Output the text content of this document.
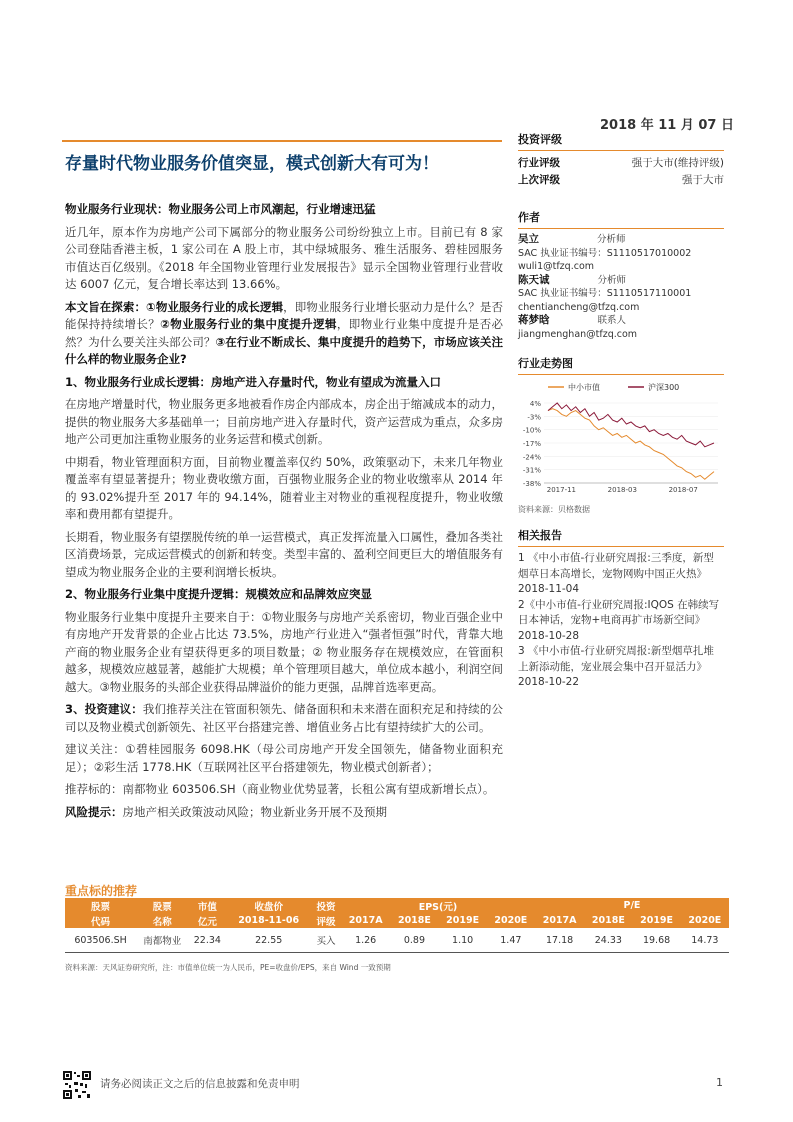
2018 年 11 月 07 日
存量时代物业服务价值突显，模式创新大有可为！

物业服务行业现状：物业服务公司上市风潮起，行业增速迅猛

近几年，原本作为房地产公司下属部分的物业服务公司纷纷独立上市。目前已有 8 家公司登陆香港主板，1 家公司在 A 股上市，其中绿城服务、雅生活服务、碧桂园服务市值达百亿级别。《2018 年全国物业管理行业发展报告》显示全国物业管理行业营收达 6007 亿元，复合增长率达到 13.66%。

本文旨在探索：①物业服务行业的成长逻辑，即物业服务行业增长驱动力是什么？是否能保持持续增长？②物业服务行业的集中度提升逻辑，即物业行业集中度提升是否必然？为什么要关注头部公司？③在行业不断成长、集中度提升的趋势下，市场应该关注什么样的物业服务企业?

1、物业服务行业成长逻辑：房地产进入存量时代，物业有望成为流量入口

在房地产增量时代，物业服务更多地被看作房企内部成本，房企出于缩减成本的动力，提供的物业服务大多基础单一；目前房地产进入存量时代，资产运营成为重点，众多房地产公司更加注重物业服务的业务运营和模式创新。

中期看，物业管理面积方面，目前物业覆盖率仅约 50%，政策驱动下，未来几年物业覆盖率有望显著提升；物业费收缴方面，百强物业服务企业的物业收缴率从 2014 年的 93.02%提升至 2017 年的 94.14%，随着业主对物业的重视程度提升，物业收缴率和费用都有望提升。

长期看，物业服务有望摆脱传统的单一运营模式，真正发挥流量入口属性，叠加各类社区消费场景，完成运营模式的创新和转变。类型丰富的、盈利空间更巨大的增值服务有望成为物业服务企业的主要利润增长板块。

2、物业服务行业集中度提升逻辑：规模效应和品牌效应突显

物业服务行业集中度提升主要来自于：①物业服务与房地产关系密切，物业百强企业中有房地产开发背景的企业占比达 73.5%，房地产行业进入“强者恒强”时代，背靠大地产商的物业服务企业有望获得更多的项目数量；② 物业服务存在规模效应，在管面积越多，规模效应越显著，越能扩大规模；单个管理项目越大，单位成本越小，利润空间越大。③物业服务的头部企业获得品牌溢价的能力更强，品牌首选率更高。

3、投资建议：我们推荐关注在管面积领先、储备面积和未来潜在面积充足和持续的公司以及物业模式创新领先、社区平台搭建完善、增值业务占比有望持续扩大的公司。

建议关注：①碧桂园服务 6098.HK（母公司房地产开发全国领先，储备物业面积充足）；②彩生活 1778.HK（互联网社区平台搭建领先，物业模式创新者）；

推荐标的：南都物业 603506.SH（商业物业优势显著，长租公寓有望成新增长点）。

风险提示：房地产相关政策波动风险；物业新业务开展不及预期

投资评级
行业评级	强于大市(维持评级)
上次评级	强于大市
作者
吴立	分析师
SAC 执业证书编号：S1110517010002
wuli1@tfzq.com
陈天诚	分析师
SAC 执业证书编号：S1110517110001
chentiancheng@tfzq.com
蒋梦晗	联系人
jiangmenghan@tfzq.com
行业走势图
4%
-3%
-10%
-17%
-24%
-31%
-38%
2017-11	2018-03	2018-07
中小市值	沪深300
资料来源：贝格数据
相关报告
1 《中小市值-行业研究周报:三季度，新型烟草日本高增长，宠物网购中国正火热》 2018-11-04
2《中小市值-行业研究周报:IQOS 在韩续写日本神话，宠物+电商再扩市场新空间》 2018-10-28
3 《中小市值-行业研究周报:新型烟草扎堆上新添动能，宠业展会集中召开显活力》 2018-10-22
重点标的推荐
股票	股票	市值	收盘价	投资	EPS(元)				P/E			
代码	名称	亿元	2018-11-06	评级	2017A	2018E	2019E	2020E	2017A	2018E	2019E	2020E
603506.SH	南都物业	22.34	22.55	买入	1.26	0.89	1.10	1.47	17.18	24.33	19.68	14.73
资料来源：天风证券研究所，注：市值单位统一为人民币，PE=收盘价/EPS，来自 Wind 一致预期
请务必阅读正文之后的信息披露和免责申明	1
